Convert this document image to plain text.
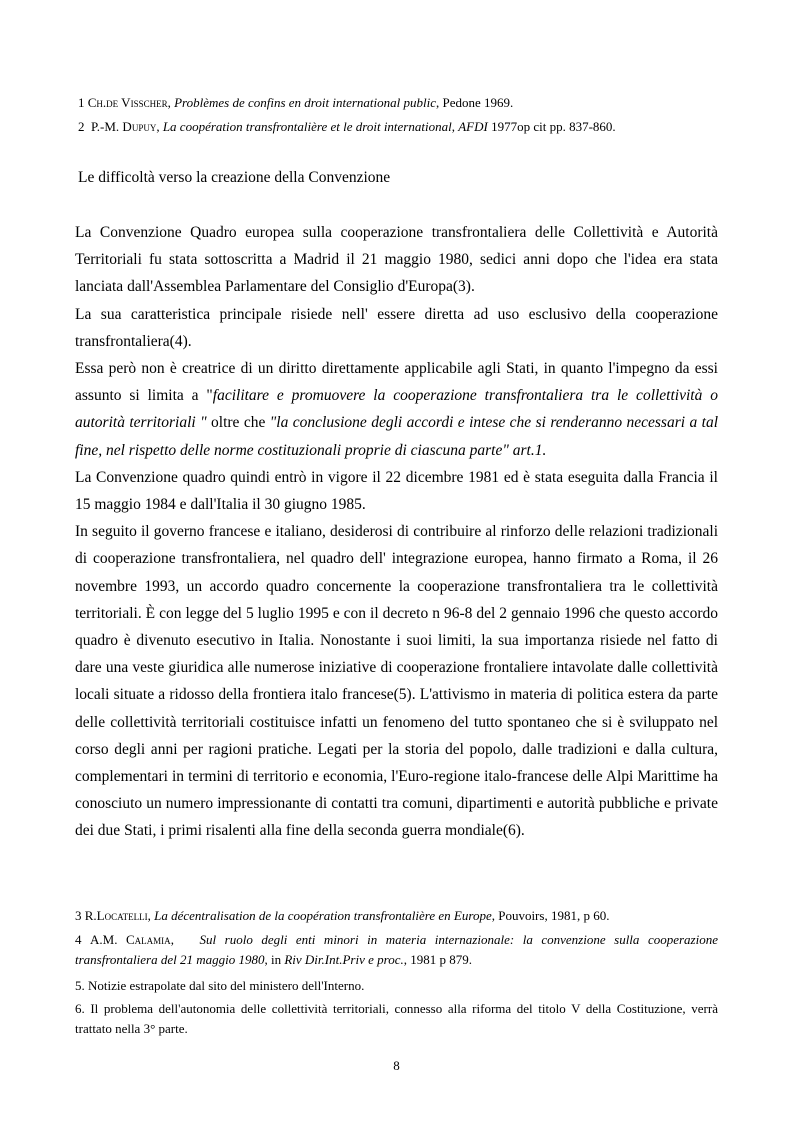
1 Ch.de Visscher, Problèmes de confins en droit international public, Pedone 1969.
2 P.-M. Dupuy, La coopération transfrontalière et le droit international, AFDI 1977op cit pp. 837-860.
Le difficoltà verso la creazione della Convenzione

La Convenzione Quadro europea sulla cooperazione transfrontaliera delle Collettività e Autorità Territoriali fu stata sottoscritta a Madrid il 21 maggio 1980, sedici anni dopo che l'idea era stata lanciata dall'Assemblea Parlamentare del Consiglio d'Europa(3).

La sua caratteristica principale risiede nell' essere diretta ad uso esclusivo della cooperazione transfrontaliera(4).

Essa però non è creatrice di un diritto direttamente applicabile agli Stati, in quanto l'impegno da essi assunto si limita a "facilitare e promuovere la cooperazione transfrontaliera tra le collettività o autorità territoriali " oltre che "la conclusione degli accordi e intese che si renderanno necessari a tal fine, nel rispetto delle norme costituzionali proprie di ciascuna parte" art.1.

La Convenzione quadro quindi entrò in vigore il 22 dicembre 1981 ed è stata eseguita dalla Francia il 15 maggio 1984 e dall'Italia il 30 giugno 1985.

In seguito il governo francese e italiano, desiderosi di contribuire al rinforzo delle relazioni tradizionali di cooperazione transfrontaliera, nel quadro dell' integrazione europea, hanno firmato a Roma, il 26 novembre 1993, un accordo quadro concernente la cooperazione transfrontaliera tra le collettività territoriali. È con legge del 5 luglio 1995 e con il decreto n 96-8 del 2 gennaio 1996 che questo accordo quadro è divenuto esecutivo in Italia. Nonostante i suoi limiti, la sua importanza risiede nel fatto di dare una veste giuridica alle numerose iniziative di cooperazione frontaliere intavolate dalle collettività locali situate a ridosso della frontiera italo francese(5). L'attivismo in materia di politica estera da parte delle collettività territoriali costituisce infatti un fenomeno del tutto spontaneo che si è sviluppato nel corso degli anni per ragioni pratiche. Legati per la storia del popolo, dalle tradizioni e dalla cultura, complementari in termini di territorio e economia, l'Euro-regione italo-francese delle Alpi Marittime ha conosciuto un numero impressionante di contatti tra comuni, dipartimenti e autorità pubbliche e private dei due Stati, i primi risalenti alla fine della seconda guerra mondiale(6).

3 R.Locatelli, La décentralisation de la coopération transfrontalière en Europe, Pouvoirs, 1981, p 60.
4 A.M. Calamia,   Sul ruolo degli enti minori in materia internazionale: la convenzione sulla cooperazione transfrontaliera del 21 maggio 1980, in Riv Dir.Int.Priv e proc., 1981 p 879.
5. Notizie estrapolate dal sito del ministero dell'Interno.
6. Il problema dell'autonomia delle collettività territoriali, connesso alla riforma del titolo V della Costituzione, verrà trattato nella 3° parte.
8
